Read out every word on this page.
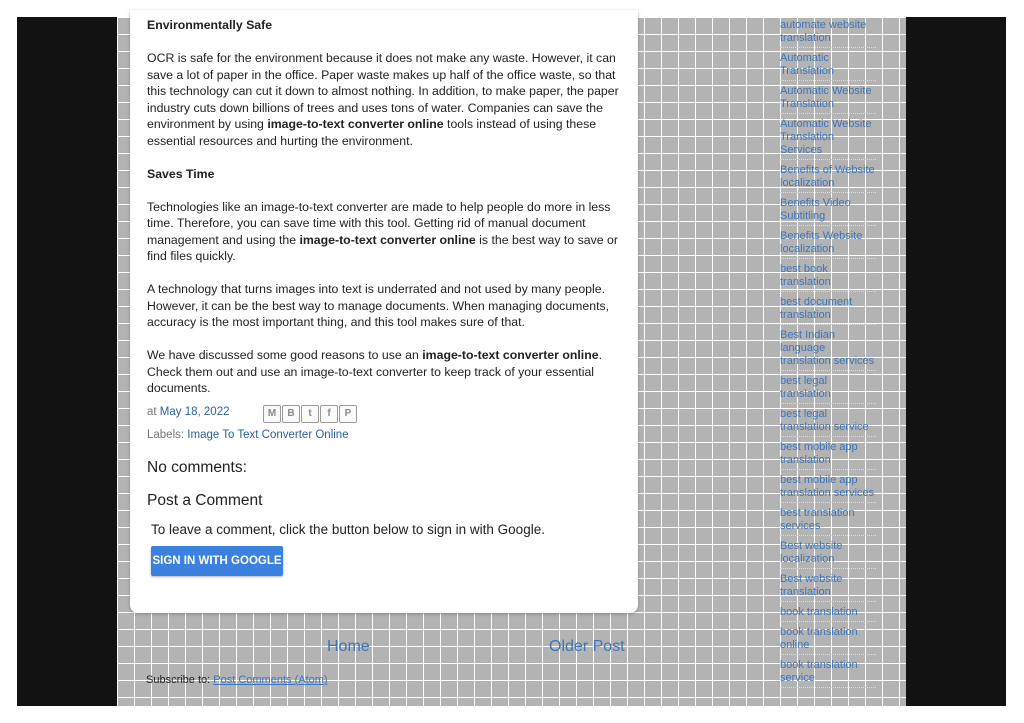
Environmentally Safe

OCR is safe for the environment because it does not make any waste. However, it can save a lot of paper in the office. Paper waste makes up half of the office waste, so that this technology can cut it down to almost nothing. In addition, to make paper, the paper industry cuts down billions of trees and uses tons of water. Companies can save the environment by using image-to-text converter online tools instead of using these essential resources and hurting the environment.

Saves Time

Technologies like an image-to-text converter are made to help people do more in less time. Therefore, you can save time with this tool. Getting rid of manual document management and using the image-to-text converter online is the best way to save or find files quickly.

A technology that turns images into text is underrated and not used by many people. However, it can be the best way to manage documents. When managing documents, accuracy is the most important thing, and this tool makes sure of that.

We have discussed some good reasons to use an image-to-text converter online. Check them out and use an image-to-text converter to keep track of your essential documents.

at May 18, 2022	M	B	t	f	P
Labels: Image To Text Converter Online
No comments:
Post a Comment
To leave a comment, click the button below to sign in with Google.
SIGN IN WITH GOOGLE
Home	Older Post
Subscribe to: Post Comments (Atom)
automate website translation
Automatic Translation
Automatic Website Translation
Automatic Website Translation Services
Benefits of Website localization
Benefits Video Subtitling
Benefits Website localization
best book translation
best document translation
Best Indian language translation services
best legal translation
best legal translation service
best mobile app translation
best mobile app translation services
best translation services
Best website localization
Best website translation
book translation
book translation online
book translation service
